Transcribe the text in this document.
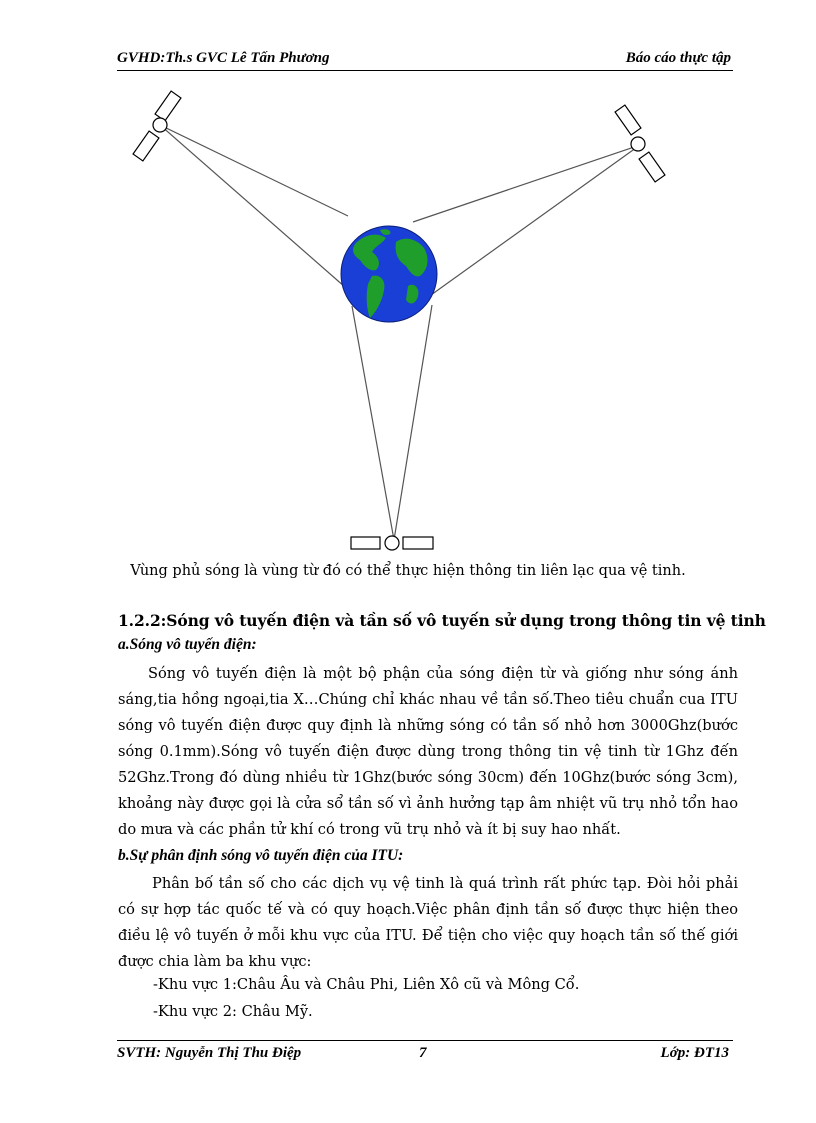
GVHD:Th.s GVC Lê Tấn Phương	Báo cáo thực tập
Vùng phủ sóng là vùng từ đó có thể thực hiện thông tin liên lạc qua vệ tinh.
1.2.2:Sóng vô tuyến điện và tần số vô tuyến sử dụng trong thông tin vệ tinh
a.Sóng vô tuyến điện:
Sóng vô tuyến điện là một bộ phận của sóng điện từ và giống như sóng ánh sáng,tia hồng ngoại,tia X…Chúng chỉ khác nhau về tần số.Theo tiêu chuẩn cua ITU sóng vô tuyến điện được quy định là những sóng có tần số nhỏ hơn 3000Ghz(bước sóng 0.1mm).Sóng vô tuyến điện được dùng trong thông tin vệ tinh từ 1Ghz đến 52Ghz.Trong đó dùng nhiều từ 1Ghz(bước sóng 30cm) đến 10Ghz(bước sóng 3cm), khoảng này được gọi là cửa sổ tần số vì ảnh hưởng tạp âm nhiệt vũ trụ nhỏ tổn hao do mưa và các phần tử khí có trong vũ trụ nhỏ và ít bị suy hao nhất.
b.Sự phân định sóng vô tuyến điện của ITU:
Phân bố tần số cho các dịch vụ vệ tinh là quá trình rất phức tạp. Đòi hỏi phải có sự hợp tác quốc tế và có quy hoạch.Việc phân định tần số được thực hiện theo điều lệ vô tuyến ở mỗi khu vực của ITU. Để tiện cho việc quy hoạch tần số thế giới được chia làm ba khu vực:
-Khu vực 1:Châu Âu và Châu Phi, Liên Xô cũ và Mông Cổ.
-Khu vực 2: Châu Mỹ.
SVTH: Nguyễn Thị Thu Điệp	7	Lớp: ĐT13
